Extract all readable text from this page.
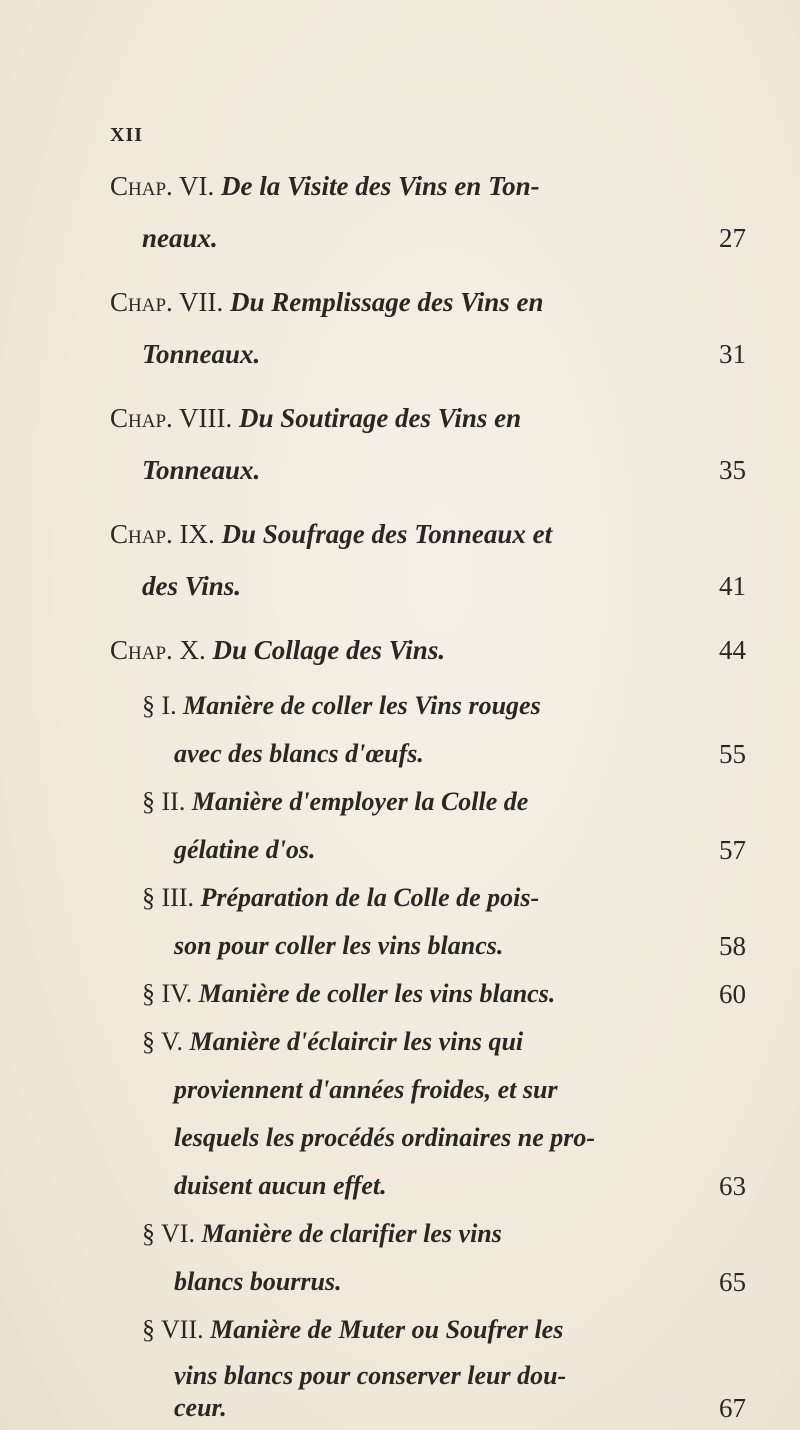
XII
Chap. VI. De la Visite des Vins en Ton-
neaux.	27
Chap. VII. Du Remplissage des Vins en
Tonneaux.	31
Chap. VIII. Du Soutirage des Vins en
Tonneaux.	35
Chap. IX. Du Soufrage des Tonneaux et
des Vins.	41
Chap. X. Du Collage des Vins.	44
§ I. Manière de coller les Vins rouges
avec des blancs d'œufs.	55
§ II. Manière d'employer la Colle de
gélatine d'os.	57
§ III. Préparation de la Colle de pois-
son pour coller les vins blancs.	58
§ IV. Manière de coller les vins blancs.	60
§ V. Manière d'éclaircir les vins qui
proviennent d'années froides, et sur
lesquels les procédés ordinaires ne pro-
duisent aucun effet.	63
§ VI. Manière de clarifier les vins
blancs bourrus.	65
§ VII. Manière de Muter ou Soufrer les
vins blancs pour conserver leur dou-
ceur.	67
